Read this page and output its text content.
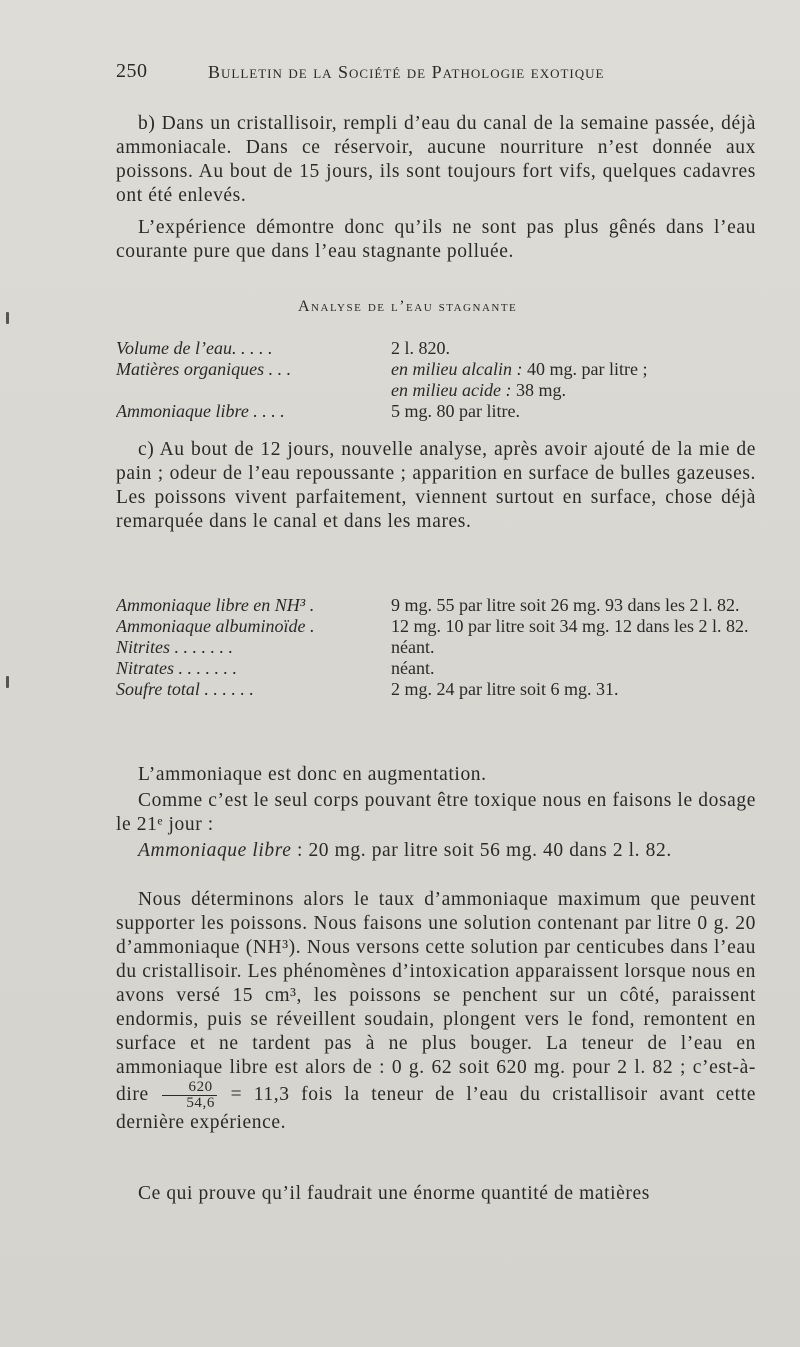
250	Bulletin de la Société de Pathologie exotique
b) Dans un cristallisoir, rempli d’eau du canal de la semaine passée, déjà ammoniacale. Dans ce réservoir, aucune nourriture n’est donnée aux poissons. Au bout de 15 jours, ils sont toujours fort vifs, quelques cadavres ont été enlevés.
L’expérience démontre donc qu’ils ne sont pas plus gênés dans l’eau courante pure que dans l’eau stagnante polluée.
Analyse de l’eau stagnante
Volume de l’eau. . . . .	2 l. 820.
Matières organiques . . .	en milieu alcalin : 40 mg. par litre ;
en milieu acide : 38 mg.
Ammoniaque libre . . . .	5 mg. 80 par litre.
c) Au bout de 12 jours, nouvelle analyse, après avoir ajouté de la mie de pain ; odeur de l’eau repoussante ; apparition en surface de bulles gazeuses. Les poissons vivent parfaitement, viennent surtout en surface, chose déjà remarquée dans le canal et dans les mares.
Ammoniaque libre en NH³ .	9 mg. 55 par litre soit 26 mg. 93 dans les 2 l. 82.
Ammoniaque albuminoïde .	12 mg. 10 par litre soit 34 mg. 12 dans les 2 l. 82.
Nitrites . . . . . . .	néant.
Nitrates . . . . . . .	néant.
Soufre total . . . . . .	2 mg. 24 par litre soit 6 mg. 31.
L’ammoniaque est donc en augmentation.
Comme c’est le seul corps pouvant être toxique nous en faisons le dosage le 21ᵉ jour :
Ammoniaque libre : 20 mg. par litre soit 56 mg. 40 dans 2 l. 82.
Nous déterminons alors le taux d’ammoniaque maximum que peuvent supporter les poissons. Nous faisons une solution contenant par litre 0 g. 20 d’ammoniaque (NH³). Nous versons cette solution par centicubes dans l’eau du cristallisoir. Les phénomènes d’intoxication apparaissent lorsque nous en avons versé 15 cm³, les poissons se penchent sur un côté, paraissent endormis, puis se réveillent soudain, plongent vers le fond, remontent en surface et ne tardent pas à ne plus bouger. La teneur de l’eau en ammoniaque libre est alors de : 0 g. 62 soit 620 mg. pour 2 l. 82 ; c’est-à-dire $\frac{620}{54,6} = 11,3$ fois la teneur de l’eau du cristallisoir avant cette dernière expérience.
Ce qui prouve qu’il faudrait une énorme quantité de matières
